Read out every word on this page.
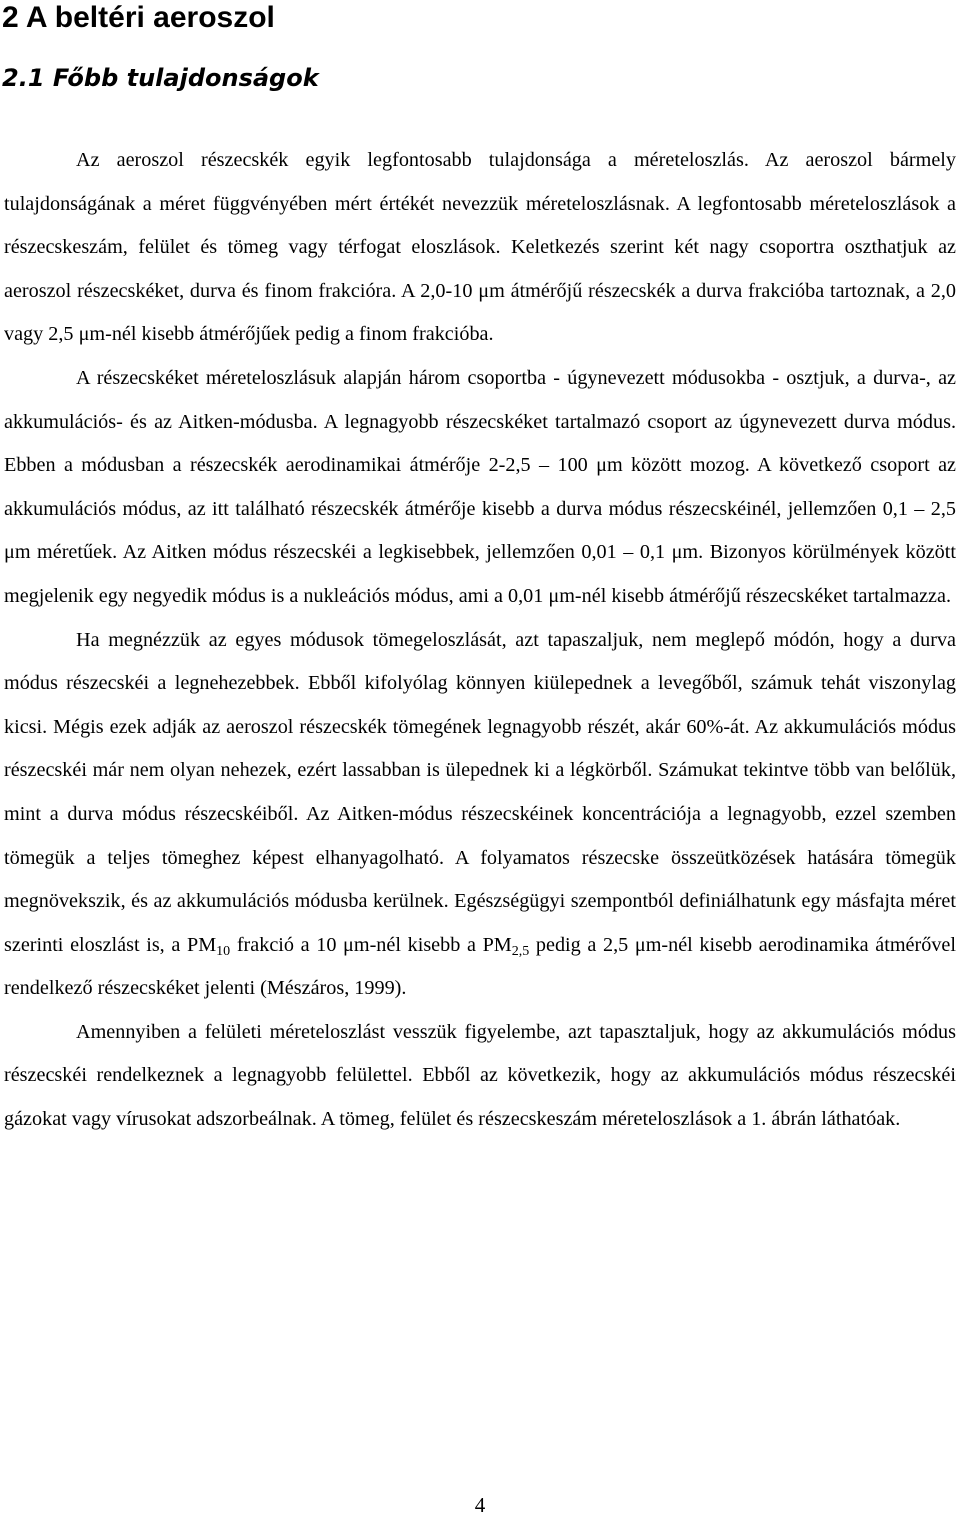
2 A beltéri aeroszol
2.1 Főbb tulajdonságok

Az aeroszol részecskék egyik legfontosabb tulajdonsága a méreteloszlás. Az aeroszol bármely tulajdonságának a méret függvényében mért értékét nevezzük méreteloszlásnak. A legfontosabb méreteloszlások a részecskeszám, felület és tömeg vagy térfogat eloszlások. Keletkezés szerint két nagy csoportra oszthatjuk az aeroszol részecskéket, durva és finom frakcióra. A 2,0-10 μm átmérőjű részecskék a durva frakcióba tartoznak, a 2,0 vagy 2,5 μm-nél kisebb átmérőjűek pedig a finom frakcióba.

A részecskéket méreteloszlásuk alapján három csoportba - úgynevezett módusokba - osztjuk, a durva-, az akkumulációs- és az Aitken-módusba. A legnagyobb részecskéket tartalmazó csoport az úgynevezett durva módus. Ebben a módusban a részecskék aerodinamikai átmérője 2-2,5 – 100 μm között mozog. A következő csoport az akkumulációs módus, az itt található részecskék átmérője kisebb a durva módus részecskéinél, jellemzően 0,1 – 2,5 μm méretűek. Az Aitken módus részecskéi a legkisebbek, jellemzően 0,01 – 0,1 μm. Bizonyos körülmények között megjelenik egy negyedik módus is a nukleációs módus, ami a 0,01 μm-nél kisebb átmérőjű részecskéket tartalmazza.

Ha megnézzük az egyes módusok tömegeloszlását, azt tapaszaljuk, nem meglepő módón, hogy a durva módus részecskéi a legnehezebbek. Ebből kifolyólag könnyen kiülepednek a levegőből, számuk tehát viszonylag kicsi. Mégis ezek adják az aeroszol részecskék tömegének legnagyobb részét, akár 60%-át. Az akkumulációs módus részecskéi már nem olyan nehezek, ezért lassabban is ülepednek ki a légkörből. Számukat tekintve több van belőlük, mint a durva módus részecskéiből. Az Aitken-módus részecskéinek koncentrációja a legnagyobb, ezzel szemben tömegük a teljes tömeghez képest elhanyagolható. A folyamatos részecske összeütközések hatására tömegük megnövekszik, és az akkumulációs módusba kerülnek. Egészségügyi szempontból definiálhatunk egy másfajta méret szerinti eloszlást is, a $PM_{10}$ frakció a 10 μm-nél kisebb a $PM_{2,5}$ pedig a 2,5 μm-nél kisebb aerodinamika átmérővel rendelkező részecskéket jelenti (Mészáros, 1999).

Amennyiben a felületi méreteloszlást vesszük figyelembe, azt tapasztaljuk, hogy az akkumulációs módus részecskéi rendelkeznek a legnagyobb felülettel. Ebből az következik, hogy az akkumulációs módus részecskéi gázokat vagy vírusokat adszorbeálnak. A tömeg, felület és részecskeszám méreteloszlások a 1. ábrán láthatóak.

4
